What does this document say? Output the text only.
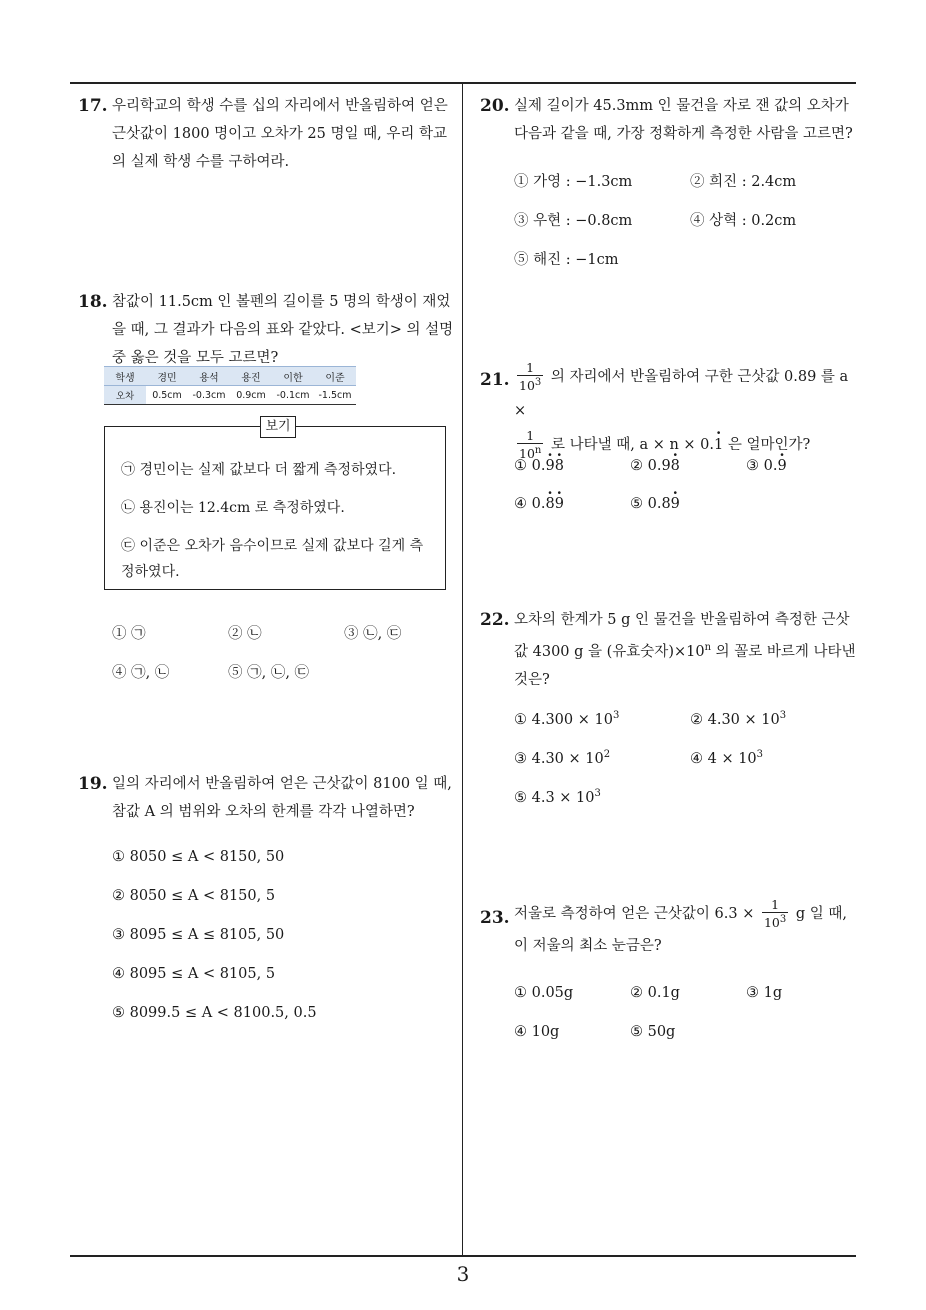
17. 우리학교의 학생 수를 십의 자리에서 반올림하여 얻은 근삿값이 1800 명이고 오차가 25 명일 때, 우리 학교의 실제 학생 수를 구하여라.
18. 참값이 11.5cm 인 볼펜의 길이를 5 명의 학생이 재었을 때, 그 결과가 다음의 표와 같았다. <보기> 의 설명 중 옳은 것을 모두 고르면?
학생	경민	용석	용진	이한	이준
오차	0.5cm	-0.3cm	0.9cm	-0.1cm	-1.5cm
보기
㉠ 경민이는 실제 값보다 더 짧게 측정하였다.
㉡ 용진이는 12.4cm 로 측정하였다.
㉢ 이준은 오차가 음수이므로 실제 값보다 길게 측정하였다.
① ㉠	② ㉡	③ ㉡, ㉢
④ ㉠, ㉡	⑤ ㉠, ㉡, ㉢
19. 일의 자리에서 반올림하여 얻은 근삿값이 8100 일 때, 참값 A 의 범위와 오차의 한계를 각각 나열하면?
① 8050 ≤ A < 8150, 50
② 8050 ≤ A < 8150, 5
③ 8095 ≤ A ≤ 8105, 50
④ 8095 ≤ A < 8105, 5
⑤ 8099.5 ≤ A < 8100.5, 0.5
20. 실제 길이가 45.3mm 인 물건을 자로 잰 값의 오차가 다음과 같을 때, 가장 정확하게 측정한 사람을 고르면?
① 가영 : −1.3cm	② 희진 : 2.4cm
③ 우현 : −0.8cm	④ 상혁 : 0.2cm
⑤ 해진 : −1cm
21. $\frac{1}{10^3}$ 의 자리에서 반올림하여 구한 근삿값 0.89 를 a ×

$\frac{1}{10^n}$ 로 나타낼 때, a × n × 0.· 1 은 얼마인가?
① 0.· 9· 8	② 0.9· 8	③ 0.· 9
④ 0.· 8· 9	⑤ 0.8· 9
22. 오차의 한계가 5 g 인 물건을 반올림하여 측정한 근삿값 4300 g 을 (유효숫자)$\times 10^n$ 의 꼴로 바르게 나타낸 것은?
① $4.300 \times 10^3$	② $4.30 \times 10^3$
③ $4.30 \times 10^2$	④ $4 \times 10^3$
⑤ $4.3 \times 10^3$
23. 저울로 측정하여 얻은 근삿값이 $6.3 \times \frac{1}{10^3}$ g 일 때, 이 저울의 최소 눈금은?
① 0.05g	② 0.1g	③ 1g
④ 10g	⑤ 50g
3
